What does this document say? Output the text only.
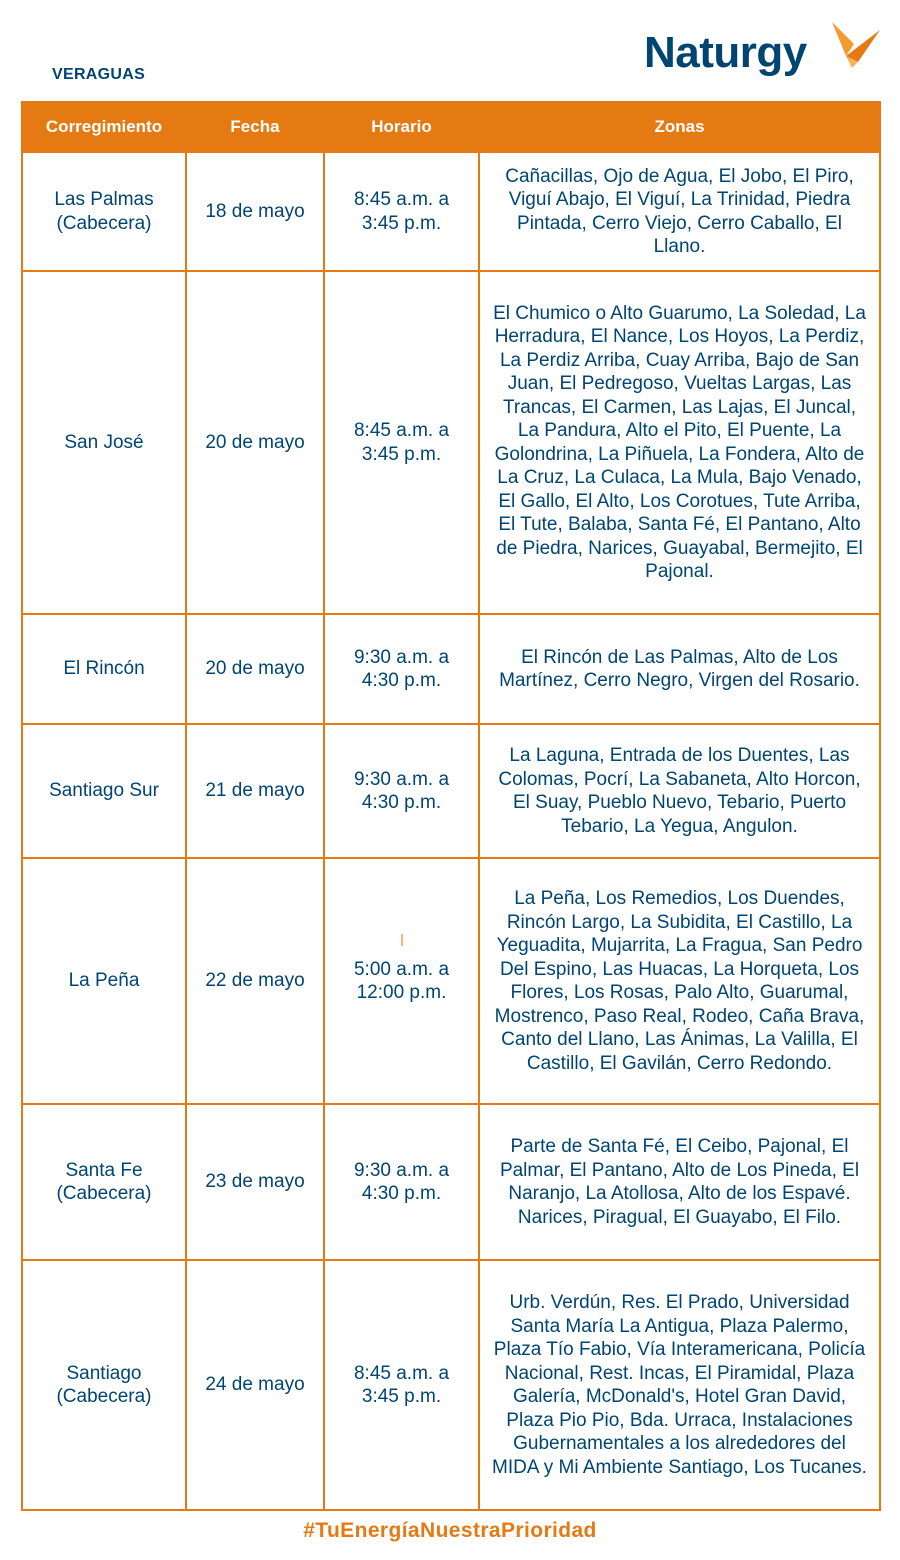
VERAGUAS	Naturgy
Corregimiento	Fecha	Horario	Zonas
Las Palmas (Cabecera)	18 de mayo	8:45 a.m. a 3:45 p.m.	Cañacillas, Ojo de Agua, El Jobo, El Piro, Viguí Abajo, El Viguí, La Trinidad, Piedra Pintada, Cerro Viejo, Cerro Caballo, El Llano.
San José	20 de mayo	8:45 a.m. a 3:45 p.m.	El Chumico o Alto Guarumo, La Soledad, La Herradura, El Nance, Los Hoyos, La Perdiz, La Perdiz Arriba, Cuay Arriba, Bajo de San Juan, El Pedregoso, Vueltas Largas, Las Trancas, El Carmen, Las Lajas, El Juncal, La Pandura, Alto el Pito, El Puente, La Golondrina, La Piñuela, La Fondera, Alto de La Cruz, La Culaca, La Mula, Bajo Venado, El Gallo, El Alto, Los Corotues, Tute Arriba, El Tute, Balaba, Santa Fé, El Pantano, Alto de Piedra, Narices, Guayabal, Bermejito, El Pajonal.
El Rincón	20 de mayo	9:30 a.m. a 4:30 p.m.	El Rincón de Las Palmas, Alto de Los Martínez, Cerro Negro, Virgen del Rosario.
Santiago Sur	21 de mayo	9:30 a.m. a 4:30 p.m.	La Laguna, Entrada de los Duentes, Las Colomas, Pocrí, La Sabaneta, Alto Horcon, El Suay, Pueblo Nuevo, Tebario, Puerto Tebario, La Yegua, Angulon.
La Peña	22 de mayo	5:00 a.m. a 12:00 p.m.	La Peña, Los Remedios, Los Duendes, Rincón Largo, La Subidita, El Castillo, La Yeguadita, Mujarrita, La Fragua, San Pedro Del Espino, Las Huacas, La Horqueta, Los Flores, Los Rosas, Palo Alto, Guarumal, Mostrenco, Paso Real, Rodeo, Caña Brava, Canto del Llano, Las Ánimas, La Valilla, El Castillo, El Gavilán, Cerro Redondo.
Santa Fe (Cabecera)	23 de mayo	9:30 a.m. a 4:30 p.m.	Parte de Santa Fé, El Ceibo, Pajonal, El Palmar, El Pantano, Alto de Los Pineda, El Naranjo, La Atollosa, Alto de los Espavé. Narices, Piragual, El Guayabo, El Filo.
Santiago (Cabecera)	24 de mayo	8:45 a.m. a 3:45 p.m.	Urb. Verdún, Res. El Prado, Universidad Santa María La Antigua, Plaza Palermo, Plaza Tío Fabio, Vía Interamericana, Policía Nacional, Rest. Incas, El Piramidal, Plaza Galería, McDonald's, Hotel Gran David, Plaza Pio Pio, Bda. Urraca, Instalaciones Gubernamentales a los alrededores del MIDA y Mi Ambiente Santiago, Los Tucanes.
#TuEnergíaNuestraPrioridad
